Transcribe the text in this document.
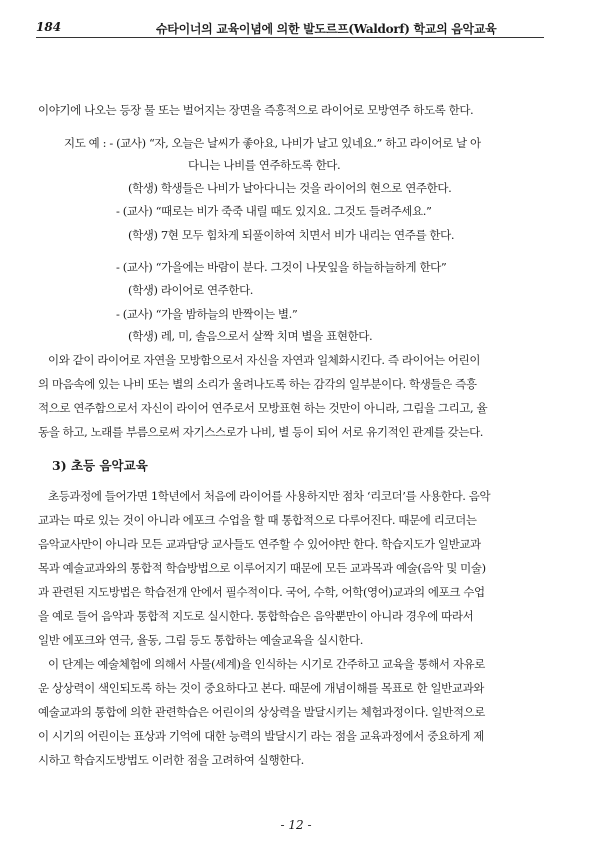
184	슈타이너의 교육이념에 의한 발도르프(Waldorf) 학교의 음악교육
이야기에 나오는 등장 물 또는 벌어지는 장면을 즉흥적으로 라이어로 모방연주 하도록 한다.
지도 예 : - (교사) “자, 오늘은 날씨가 좋아요, 나비가 날고 있네요.” 하고 라이어로 날 아
다니는 나비를 연주하도록 한다.
(학생) 학생들은 나비가 날아다니는 것을 라이어의 현으로 연주한다.
- (교사) “때로는 비가 죽죽 내릴 때도 있지요. 그것도 들려주세요.”
(학생) 7현 모두 힘차게 되풀이하여 치면서 비가 내리는 연주를 한다.
- (교사) “가을에는 바람이 분다. 그것이 나뭇잎을 하늘하늘하게 한다”
(학생) 라이어로 연주한다.
- (교사) “가을 밤하늘의 반짝이는 별.”
(학생) 레, 미, 솔음으로서 살짝 치며 별을 표현한다.
이와 같이 라이어로 자연을 모방함으로서 자신을 자연과 일체화시킨다. 즉 라이어는 어린이
의 마음속에 있는 나비 또는 별의 소리가 울려나도록 하는 감각의 일부분이다. 학생들은 즉흥
적으로 연주함으로서 자신이 라이어 연주로서 모방표현 하는 것만이 아니라, 그림을 그리고, 율
동을 하고, 노래를 부름으로써 자기스스로가 나비, 별 등이 되어 서로 유기적인 관계를 갖는다.
3) 초등 음악교육
초등과정에 들어가면 1학년에서 처음에 라이어를 사용하지만 점차 ‘리코더’를 사용한다. 음악
교과는 따로 있는 것이 아니라 에포크 수업을 할 때 통합적으로 다루어진다. 때문에 리코더는
음악교사만이 아니라 모든 교과담당 교사들도 연주할 수 있어야만 한다. 학습지도가 일반교과
목과 예술교과와의 통합적 학습방법으로 이루어지기 때문에 모든 교과목과 예술(음악 및 미술)
과 관련된 지도방법은 학습전개 안에서 필수적이다. 국어, 수학, 어학(영어)교과의 에포크 수업
을 예로 들어 음악과 통합적 지도로 실시한다. 통합학습은 음악뿐만이 아니라 경우에 따라서
일반 에포크와 연극, 율동, 그림 등도 통합하는 예술교육을 실시한다.
이 단계는 예술체험에 의해서 사물(세계)을 인식하는 시기로 간주하고 교육을 통해서 자유로
운 상상력이 색인되도록 하는 것이 중요하다고 본다. 때문에 개념이해를 목표로 한 일반교과와
예술교과의 통합에 의한 관련학습은 어린이의 상상력을 발달시키는 체험과정이다. 일반적으로
이 시기의 어린이는 표상과 기억에 대한 능력의 발달시기 라는 점을 교육과정에서 중요하게 제
시하고 학습지도방법도 이러한 점을 고려하여 실행한다.
- 12 -
